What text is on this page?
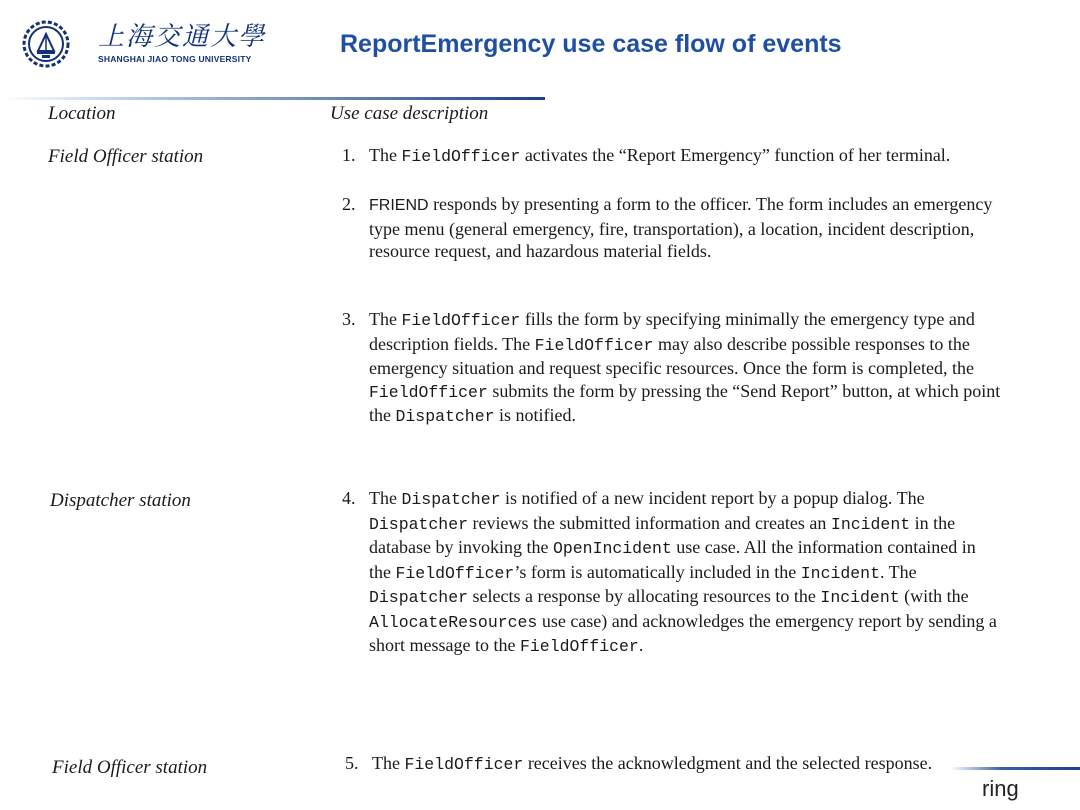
上海交通大學
SHANGHAI JIAO TONG UNIVERSITY
ReportEmergency use case flow of events
Location	Use case description
Field Officer station
Dispatcher station
Field Officer station
1. The FieldOfficer activates the “Report Emergency” function of her terminal.
2. FRIEND responds by presenting a form to the officer. The form includes an emergency type menu (general emergency, fire, transportation), a location, incident description, resource request, and hazardous material fields.
3. The FieldOfficer fills the form by specifying minimally the emergency type and description fields. The FieldOfficer may also describe possible responses to the emergency situation and request specific resources. Once the form is completed, the FieldOfficer submits the form by pressing the “Send Report” button, at which point the Dispatcher is notified.
4. The Dispatcher is notified of a new incident report by a popup dialog. The Dispatcher reviews the submitted information and creates an Incident in the database by invoking the OpenIncident use case. All the information contained in the FieldOfficer’s form is automatically included in the Incident. The Dispatcher selects a response by allocating resources to the Incident (with the AllocateResources use case) and acknowledges the emergency report by sending a short message to the FieldOfficer.
5. The FieldOfficer receives the acknowledgment and the selected response.
ring
